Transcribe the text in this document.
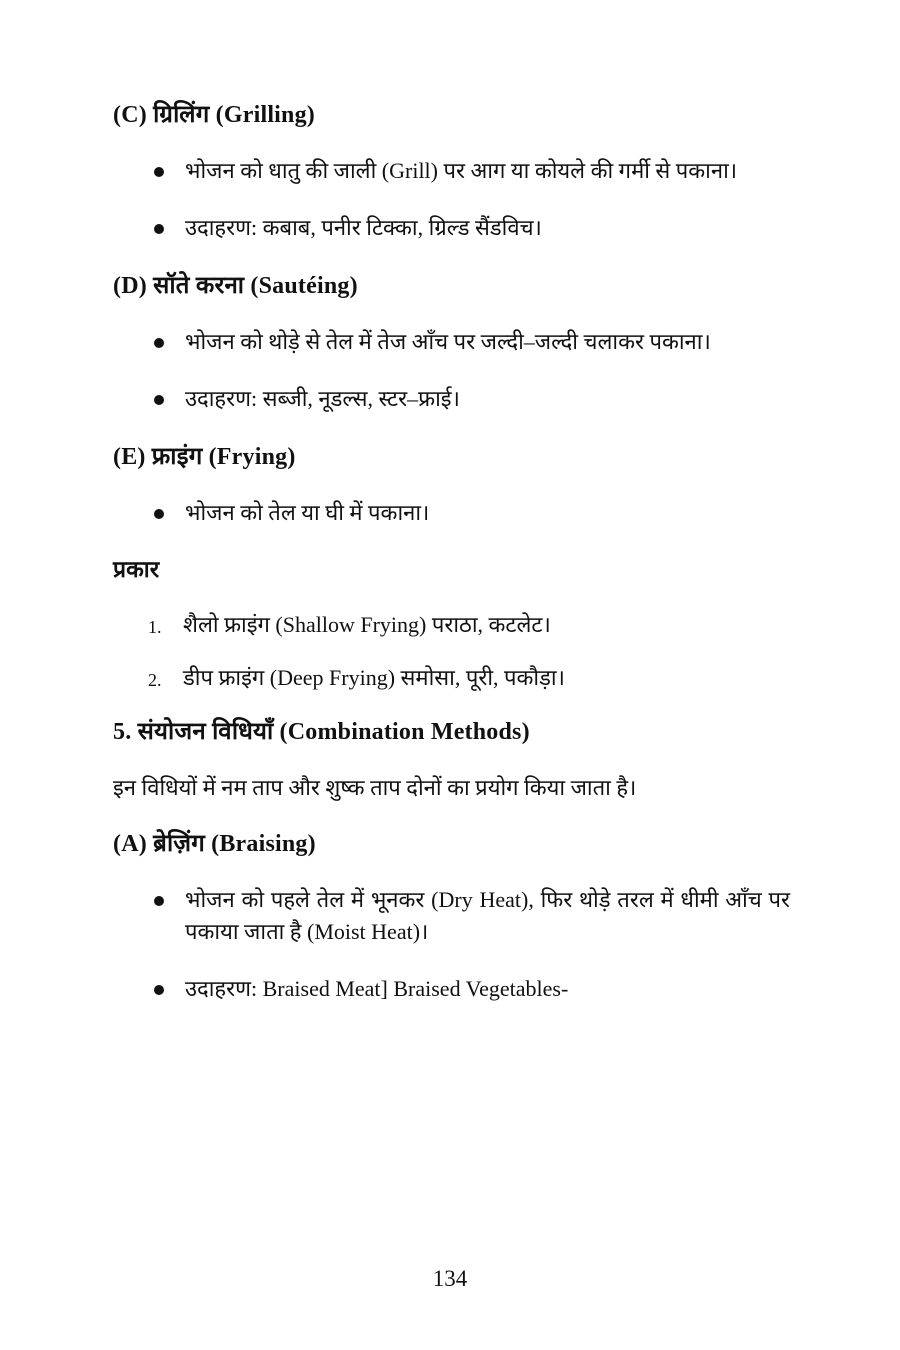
(C) ग्रिलिंग (Grilling)
भोजन को धातु की जाली (Grill) पर आग या कोयले की गर्मी से पकाना।
उदाहरण: कबाब, पनीर टिक्का, ग्रिल्ड सैंडविच।
(D) सॉते करना (Sautéing)
भोजन को थोड़े से तेल में तेज आँच पर जल्दी–जल्दी चलाकर पकाना।
उदाहरण: सब्जी, नूडल्स, स्टर–फ्राई।
(E) फ्राइंग (Frying)
भोजन को तेल या घी में पकाना।
प्रकार
1. शैलो फ्राइंग (Shallow Frying) पराठा, कटलेट।
2. डीप फ्राइंग (Deep Frying) समोसा, पूरी, पकौड़ा।
5. संयोजन विधियाँ (Combination Methods)

इन विधियों में नम ताप और शुष्क ताप दोनों का प्रयोग किया जाता है।

(A) ब्रेज़िंग (Braising)
भोजन को पहले तेल में भूनकर (Dry Heat), फिर थोड़े तरल में धीमी आँच पर पकाया जाता है (Moist Heat)।
उदाहरण: Braised Meat] Braised Vegetables-
134
